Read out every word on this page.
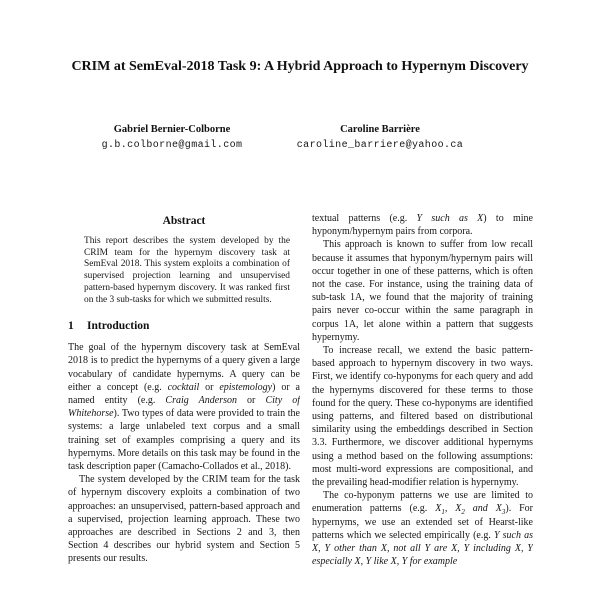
CRIM at SemEval-2018 Task 9: A Hybrid Approach to Hypernym Discovery
Gabriel Bernier-Colborne
g.b.colborne@gmail.com
Caroline Barrière
caroline_barriere@yahoo.ca
Abstract
This report describes the system developed by the CRIM team for the hypernym discovery task at SemEval 2018. This system exploits a combination of supervised projection learning and unsupervised pattern-based hypernym discovery. It was ranked first on the 3 sub-tasks for which we submitted results.
1 Introduction

The goal of the hypernym discovery task at SemEval 2018 is to predict the hypernyms of a query given a large vocabulary of candidate hypernyms. A query can be either a concept (e.g. cocktail or epistemology) or a named entity (e.g. Craig Anderson or City of Whitehorse). Two types of data were provided to train the systems: a large unlabeled text corpus and a small training set of examples comprising a query and its hypernyms. More details on this task may be found in the task description paper (Camacho-Collados et al., 2018).

The system developed by the CRIM team for the task of hypernym discovery exploits a combination of two approaches: an unsupervised, pattern-based approach and a supervised, projection learning approach. These two approaches are described in Sections 2 and 3, then Section 4 describes our hybrid system and Section 5 presents our results.

textual patterns (e.g. Y such as X) to mine hyponym/hypernym pairs from corpora.

This approach is known to suffer from low recall because it assumes that hyponym/hypernym pairs will occur together in one of these patterns, which is often not the case. For instance, using the training data of sub-task 1A, we found that the majority of training pairs never co-occur within the same paragraph in corpus 1A, let alone within a pattern that suggests hypernymy.

To increase recall, we extend the basic pattern-based approach to hypernym discovery in two ways. First, we identify co-hyponyms for each query and add the hypernyms discovered for these terms to those found for the query. These co-hyponyms are identified using patterns, and filtered based on distributional similarity using the embeddings described in Section 3.3. Furthermore, we discover additional hypernyms using a method based on the following assumptions: most multi-word expressions are compositional, and the prevailing head-modifier relation is hypernymy.

The co-hyponym patterns we use are limited to enumeration patterns (e.g. $X_1$, $X_2$ and $X_3$). For hypernyms, we use an extended set of Hearst-like patterns which we selected empirically (e.g. Y such as X, Y other than X, not all Y are X, Y including X, Y especially X, Y like X, Y for example
